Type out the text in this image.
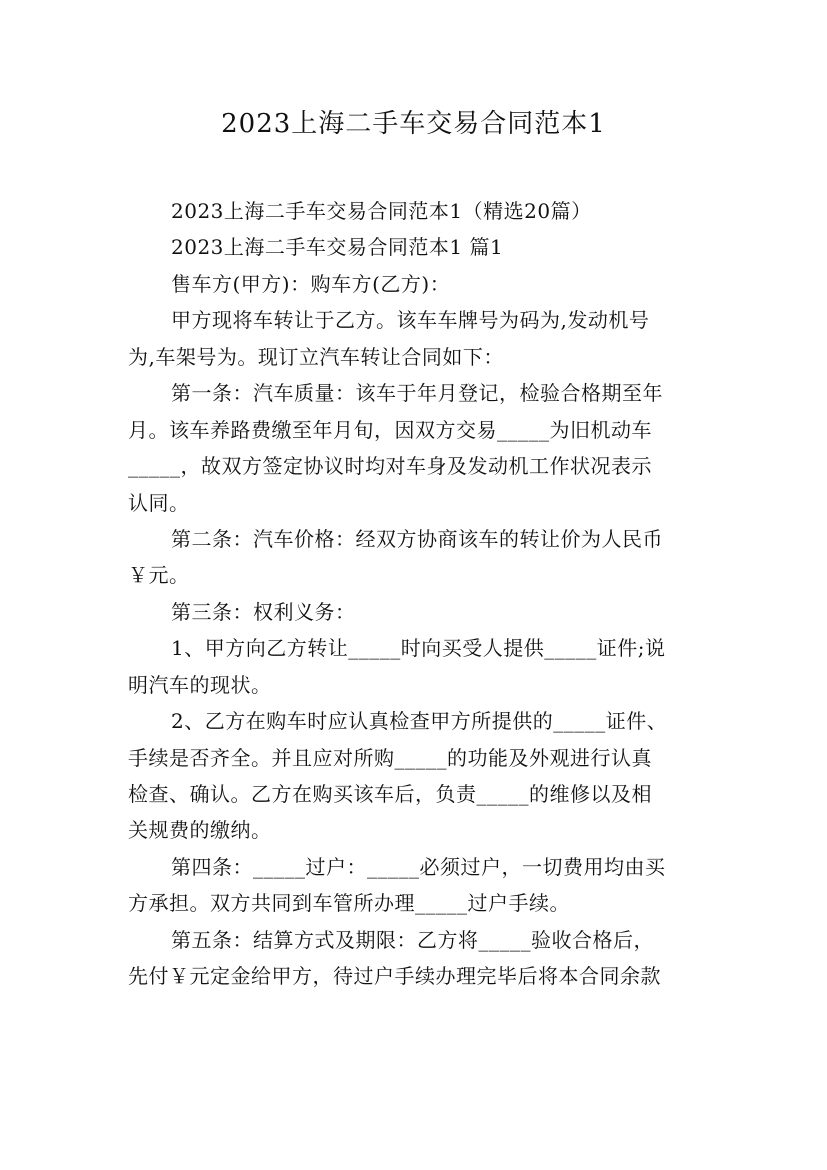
2023上海二手车交易合同范本1
2023上海二手车交易合同范本1（精选20篇）
2023上海二手车交易合同范本1 篇1
售车方(甲方)：购车方(乙方)：
甲方现将车转让于乙方。该车车牌号为码为,发动机号
为,车架号为。现订立汽车转让合同如下：
第一条：汽车质量：该车于年月登记，检验合格期至年
月。该车养路费缴至年月旬，因双方交易_____为旧机动车
_____，故双方签定协议时均对车身及发动机工作状况表示
认同。
第二条：汽车价格：经双方协商该车的转让价为人民币
￥元。
第三条：权利义务：
1、甲方向乙方转让_____时向买受人提供_____证件;说
明汽车的现状。
2、乙方在购车时应认真检查甲方所提供的_____证件、
手续是否齐全。并且应对所购_____的功能及外观进行认真
检查、确认。乙方在购买该车后，负责_____的维修以及相
关规费的缴纳。
第四条：_____过户：_____必须过户，一切费用均由买
方承担。双方共同到车管所办理_____过户手续。
第五条：结算方式及期限：乙方将_____验收合格后，
先付￥元定金给甲方，待过户手续办理完毕后将本合同余款
